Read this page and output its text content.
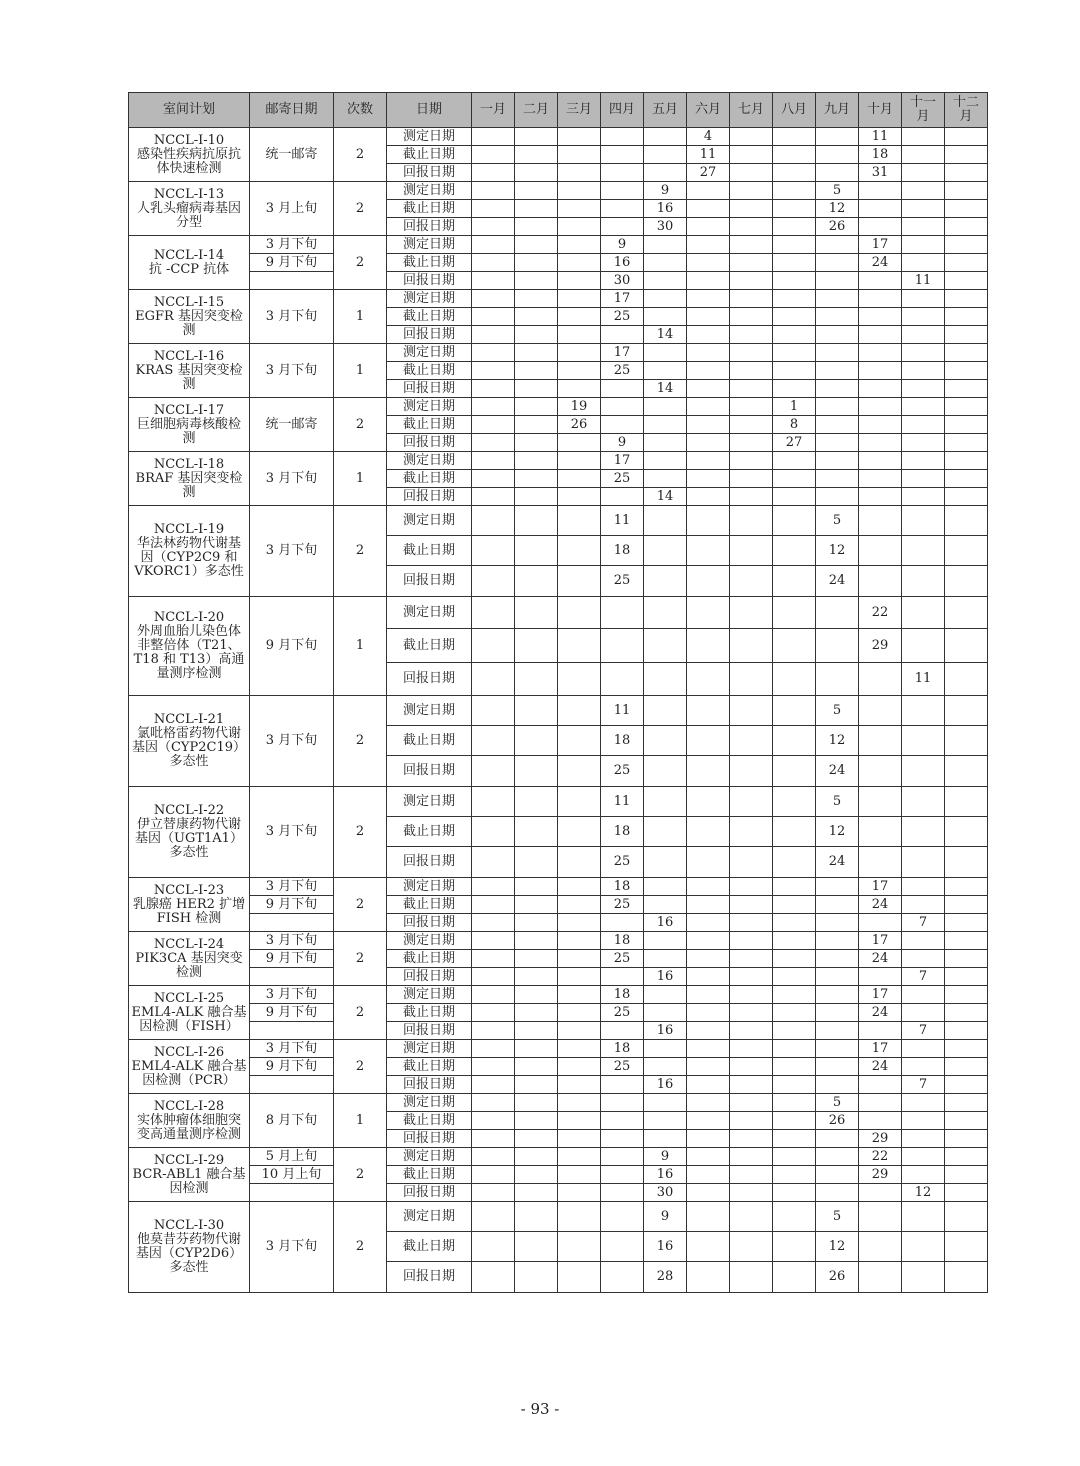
室间计划	邮寄日期	次数	日期	一月	二月	三月	四月	五月	六月	七月	八月	九月	十月	十一月	十二月
NCCL-I-10
感染性疾病抗原抗
体快速检测	统一邮寄	2	测定日期						4				11		
			截止日期						11				18		
			回报日期						27				31		
NCCL-I-13
人乳头瘤病毒基因
分型	3 月上旬	2	测定日期					9				5			
			截止日期					16				12			
			回报日期					30				26			
NCCL-I-14
抗 -CCP 抗体	3 月下旬	2	测定日期				9						17		
	9 月下旬		截止日期				16						24		
			回报日期				30							11	
NCCL-I-15
EGFR 基因突变检
测	3 月下旬	1	测定日期				17								
			截止日期				25								
			回报日期					14							
NCCL-I-16
KRAS 基因突变检
测	3 月下旬	1	测定日期				17								
			截止日期				25								
			回报日期					14							
NCCL-I-17
巨细胞病毒核酸检
测	统一邮寄	2	测定日期			19					1				
			截止日期			26					8				
			回报日期				9				27				
NCCL-I-18
BRAF 基因突变检
测	3 月下旬	1	测定日期				17								
			截止日期				25								
			回报日期					14							
NCCL-I-19
华法林药物代谢基
因（CYP2C9 和
VKORC1）多态性	3 月下旬	2	测定日期				11					5			
			截止日期				18					12			
			回报日期				25					24			
NCCL-I-20
外周血胎儿染色体
非整倍体（T21、
T18 和 T13）高通
量测序检测	9 月下旬	1	测定日期										22		
			截止日期										29		
			回报日期											11	
NCCL-I-21
氯吡格雷药物代谢
基因（CYP2C19）
多态性	3 月下旬	2	测定日期				11					5			
			截止日期				18					12			
			回报日期				25					24			
NCCL-I-22
伊立替康药物代谢
基因（UGT1A1）
多态性	3 月下旬	2	测定日期				11					5			
			截止日期				18					12			
			回报日期				25					24			
NCCL-I-23
乳腺癌 HER2 扩增
FISH 检测	3 月下旬	2	测定日期				18						17		
	9 月下旬		截止日期				25						24		
			回报日期					16						7	
NCCL-I-24
PIK3CA 基因突变
检测	3 月下旬	2	测定日期				18						17		
	9 月下旬		截止日期				25						24		
			回报日期					16						7	
NCCL-I-25
EML4-ALK 融合基
因检测（FISH）	3 月下旬	2	测定日期				18						17		
	9 月下旬		截止日期				25						24		
			回报日期					16						7	
NCCL-I-26
EML4-ALK 融合基
因检测（PCR）	3 月下旬	2	测定日期				18						17		
	9 月下旬		截止日期				25						24		
			回报日期					16						7	
NCCL-I-28
实体肿瘤体细胞突
变高通量测序检测	8 月下旬	1	测定日期									5			
			截止日期									26			
			回报日期										29		
NCCL-I-29
BCR-ABL1 融合基
因检测	5 月上旬	2	测定日期					9					22		
	10 月上旬		截止日期					16					29		
			回报日期					30						12	
NCCL-I-30
他莫昔芬药物代谢
基因（CYP2D6）
多态性	3 月下旬	2	测定日期					9				5			
			截止日期					16				12			
			回报日期					28				26			
- 93 -
